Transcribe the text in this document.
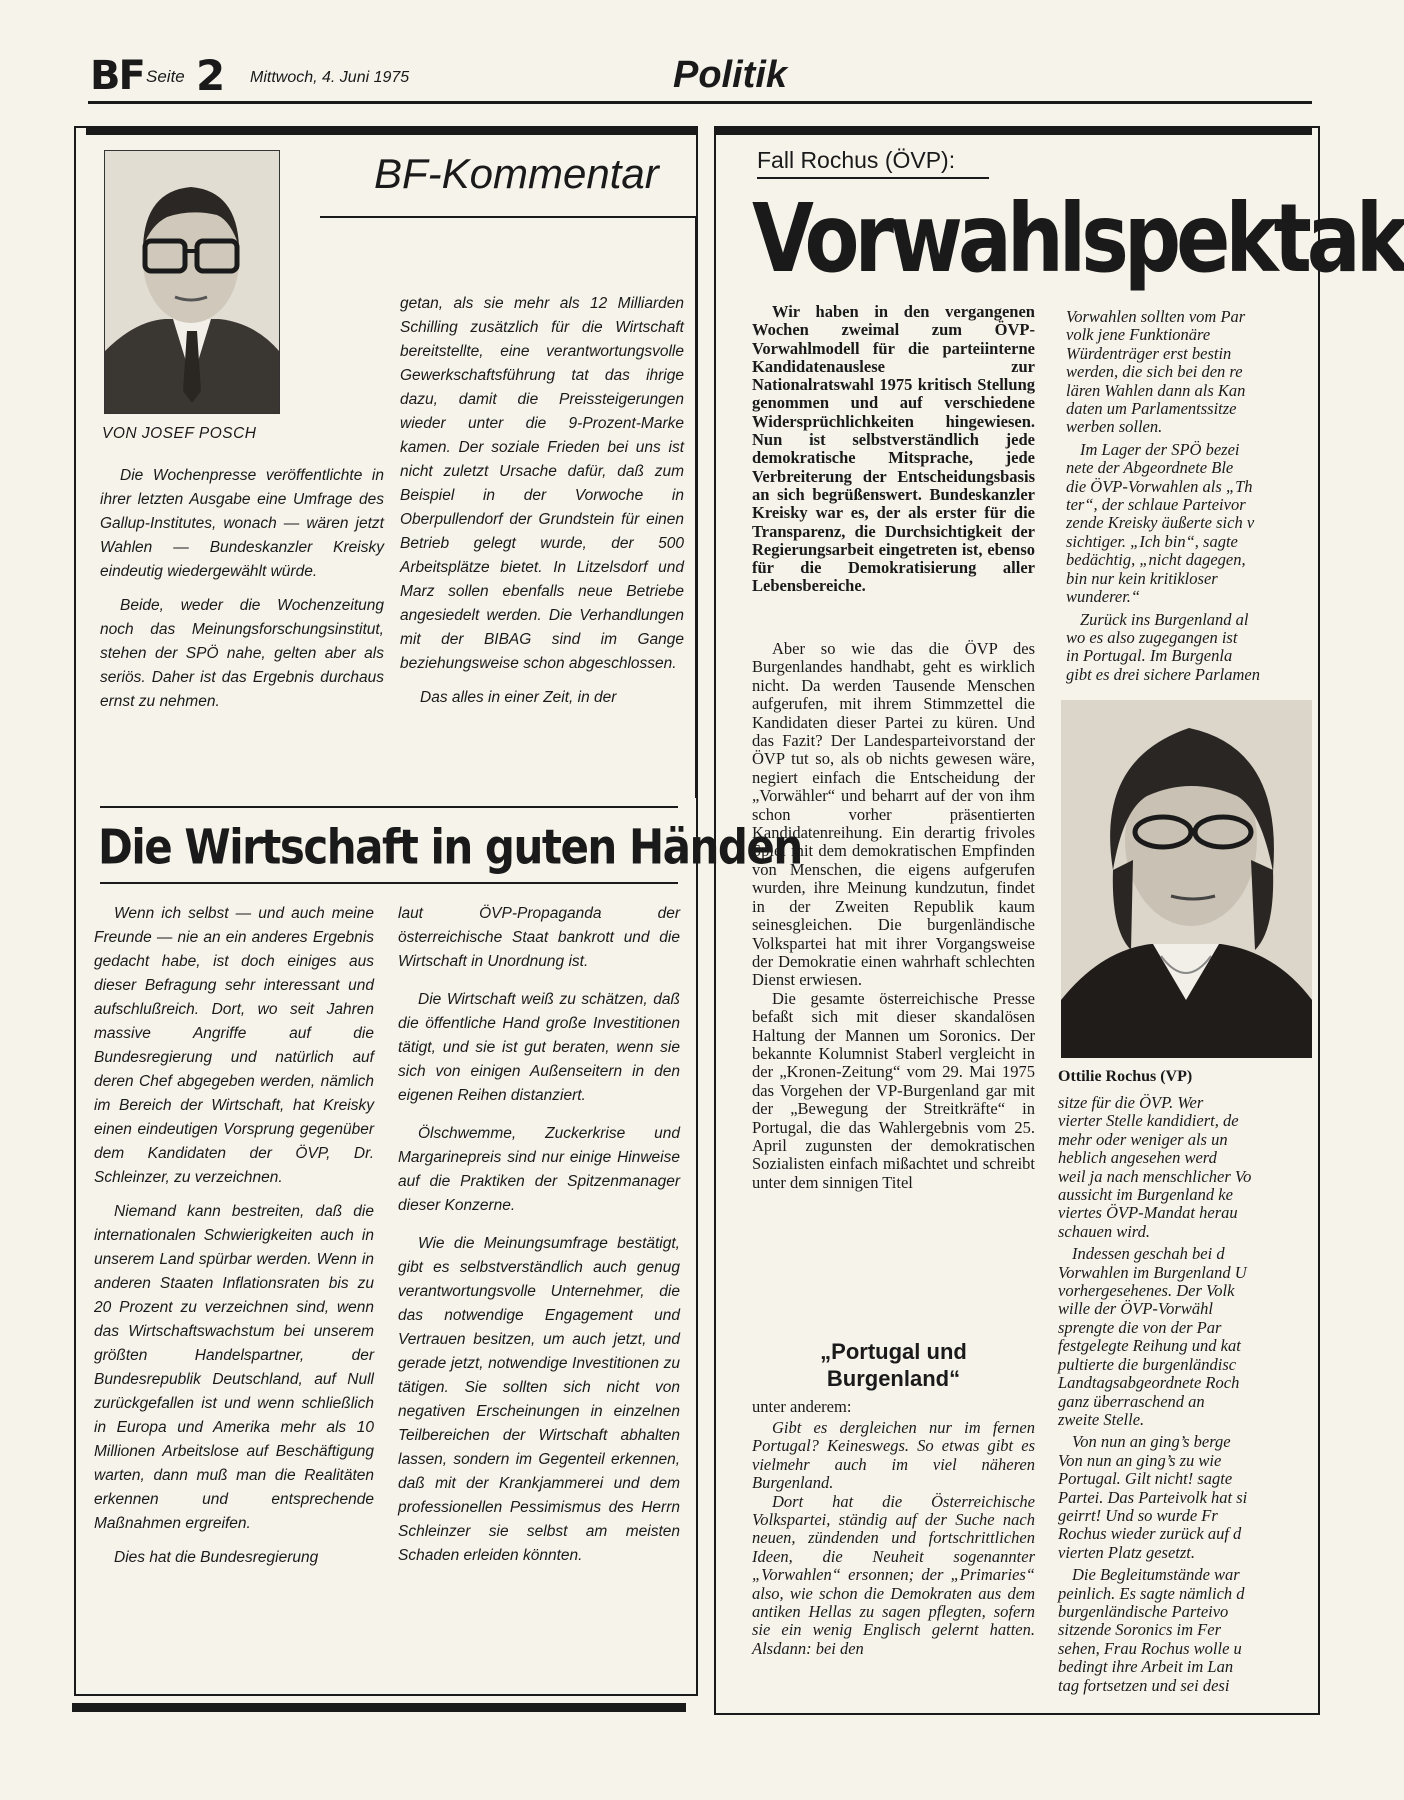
BF Seite 2 Mittwoch, 4. Juni 1975	Politik
BF-Kommentar
VON JOSEF POSCH

Die Wochenpresse veröffentlichte in ihrer letzten Ausgabe eine Umfrage des Gallup-Institutes, wonach — wären jetzt Wahlen — Bundeskanzler Kreisky eindeutig wiedergewählt würde.

Beide, weder die Wochenzeitung noch das Meinungsforschungsinstitut, stehen der SPÖ nahe, gelten aber als seriös. Daher ist das Ergebnis durchaus ernst zu nehmen.

getan, als sie mehr als 12 Milliarden Schilling zusätzlich für die Wirtschaft bereitstellte, eine verantwortungsvolle Gewerkschaftsführung tat das ihrige dazu, damit die Preissteigerungen wieder unter die 9-Prozent-Marke kamen. Der soziale Frieden bei uns ist nicht zuletzt Ursache dafür, daß zum Beispiel in der Vorwoche in Oberpullendorf der Grundstein für einen Betrieb gelegt wurde, der 500 Arbeitsplätze bietet. In Litzelsdorf und Marz sollen ebenfalls neue Betriebe angesiedelt werden. Die Verhandlungen mit der BIBAG sind im Gange beziehungsweise schon abgeschlossen.

Das alles in einer Zeit, in der

Die Wirtschaft in guten Händen

Wenn ich selbst — und auch meine Freunde — nie an ein anderes Ergebnis gedacht habe, ist doch einiges aus dieser Befragung sehr interessant und aufschlußreich. Dort, wo seit Jahren massive Angriffe auf die Bundesregierung und natürlich auf deren Chef abgegeben werden, nämlich im Bereich der Wirtschaft, hat Kreisky einen eindeutigen Vorsprung gegenüber dem Kandidaten der ÖVP, Dr. Schleinzer, zu verzeichnen.

Niemand kann bestreiten, daß die internationalen Schwierigkeiten auch in unserem Land spürbar werden. Wenn in anderen Staaten Inflationsraten bis zu 20 Prozent zu verzeichnen sind, wenn das Wirtschaftswachstum bei unserem größten Handelspartner, der Bundesrepublik Deutschland, auf Null zurückgefallen ist und wenn schließlich in Europa und Amerika mehr als 10 Millionen Arbeitslose auf Beschäftigung warten, dann muß man die Realitäten erkennen und entsprechende Maßnahmen ergreifen.

Dies hat die Bundesregierung

laut ÖVP-Propaganda der österreichische Staat bankrott und die Wirtschaft in Unordnung ist.

Die Wirtschaft weiß zu schätzen, daß die öffentliche Hand große Investitionen tätigt, und sie ist gut beraten, wenn sie sich von einigen Außenseitern in den eigenen Reihen distanziert.

Ölschwemme, Zuckerkrise und Margarinepreis sind nur einige Hinweise auf die Praktiken der Spitzenmanager dieser Konzerne.

Wie die Meinungsumfrage bestätigt, gibt es selbstverständlich auch genug verantwortungsvolle Unternehmer, die das notwendige Engagement und Vertrauen besitzen, um auch jetzt, und gerade jetzt, notwendige Investitionen zu tätigen. Sie sollten sich nicht von negativen Erscheinungen in einzelnen Teilbereichen der Wirtschaft abhalten lassen, sondern im Gegenteil erkennen, daß mit der Krankjammerei und dem professionellen Pessimismus des Herrn Schleinzer sie selbst am meisten Schaden erleiden könnten.

Fall Rochus (ÖVP):
Vorwahlspektak
Wir haben in den vergangenen Wochen zweimal zum ÖVP-Vorwahlmodell für die parteiinterne Kandidatenauslese zur Nationalratswahl 1975 kritisch Stellung genommen und auf verschiedene Widersprüchlichkeiten hingewiesen. Nun ist selbstverständlich jede demokratische Mitsprache, jede Verbreiterung der Entscheidungsbasis an sich begrüßenswert. Bundeskanzler Kreisky war es, der als erster für die Transparenz, die Durchsichtigkeit der Regierungsarbeit eingetreten ist, ebenso für die Demokratisierung aller Lebensbereiche.

Aber so wie das die ÖVP des Burgenlandes handhabt, geht es wirklich nicht. Da werden Tausende Menschen aufgerufen, mit ihrem Stimmzettel die Kandidaten dieser Partei zu küren. Und das Fazit? Der Landesparteivorstand der ÖVP tut so, als ob nichts gewesen wäre, negiert einfach die Entscheidung der „Vorwähler“ und beharrt auf der von ihm schon vorher präsentierten Kandidatenreihung. Ein derartig frivoles Spiel mit dem demokratischen Empfinden von Menschen, die eigens aufgerufen wurden, ihre Meinung kundzutun, findet in der Zweiten Republik kaum seinesgleichen. Die burgenländische Volkspartei hat mit ihrer Vorgangsweise der Demokratie einen wahrhaft schlechten Dienst erwiesen.

Die gesamte österreichische Presse befaßt sich mit dieser skandalösen Haltung der Mannen um Soronics. Der bekannte Kolumnist Staberl vergleicht in der „Kronen-Zeitung“ vom 29. Mai 1975 das Vorgehen der VP-Burgenland gar mit der „Bewegung der Streitkräfte“ in Portugal, die das Wahlergebnis vom 25. April zugunsten der demokratischen Sozialisten einfach mißachtet und schreibt unter dem sinnigen Titel

„Portugal und Burgenland“
unter anderem:

Gibt es dergleichen nur im fernen Portugal? Keineswegs. So etwas gibt es vielmehr auch im viel näheren Burgenland.

Dort hat die Österreichische Volkspartei, ständig auf der Suche nach neuen, zündenden und fortschrittlichen Ideen, die Neuheit sogenannter „Vorwahlen“ ersonnen; der „Primaries“ also, wie schon die Demokraten aus dem antiken Hellas zu sagen pflegten, sofern sie ein wenig Englisch gelernt hatten. Alsdann: bei den

Vorwahlen sollten vom Par
volk jene Funktionäre
Würdenträger erst bestin
werden, die sich bei den re
lären Wahlen dann als Kan
daten um Parlamentssitze
werben sollen.
Im Lager der SPÖ bezei
nete der Abgeordnete Ble
die ÖVP-Vorwahlen als „Th
ter“, der schlaue Parteivor
zende Kreisky äußerte sich v
sichtiger. „Ich bin“, sagte
bedächtig, „nicht dagegen,
bin nur kein kritikloser
wunderer.“
Zurück ins Burgenland al
wo es also zugegangen ist
in Portugal. Im Burgenla
gibt es drei sichere Parlamen
Ottilie Rochus (VP)
sitze für die ÖVP. Wer
vierter Stelle kandidiert, de
mehr oder weniger als un
heblich angesehen werd
weil ja nach menschlicher Vo
aussicht im Burgenland ke
viertes ÖVP-Mandat herau
schauen wird.
Indessen geschah bei d
Vorwahlen im Burgenland U
vorhergesehenes. Der Volk
wille der ÖVP-Vorwähl
sprengte die von der Par
festgelegte Reihung und kat
pultierte die burgenländisc
Landtagsabgeordnete Roch
ganz überraschend an
zweite Stelle.
Von nun an ging’s berge
Von nun an ging’s zu wie
Portugal. Gilt nicht! sagte
Partei. Das Parteivolk hat si
geirrt! Und so wurde Fr
Rochus wieder zurück auf d
vierten Platz gesetzt.
Die Begleitumstände war
peinlich. Es sagte nämlich d
burgenländische Parteivo
sitzende Soronics im Fer
sehen, Frau Rochus wolle u
bedingt ihre Arbeit im Lan
tag fortsetzen und sei desi
